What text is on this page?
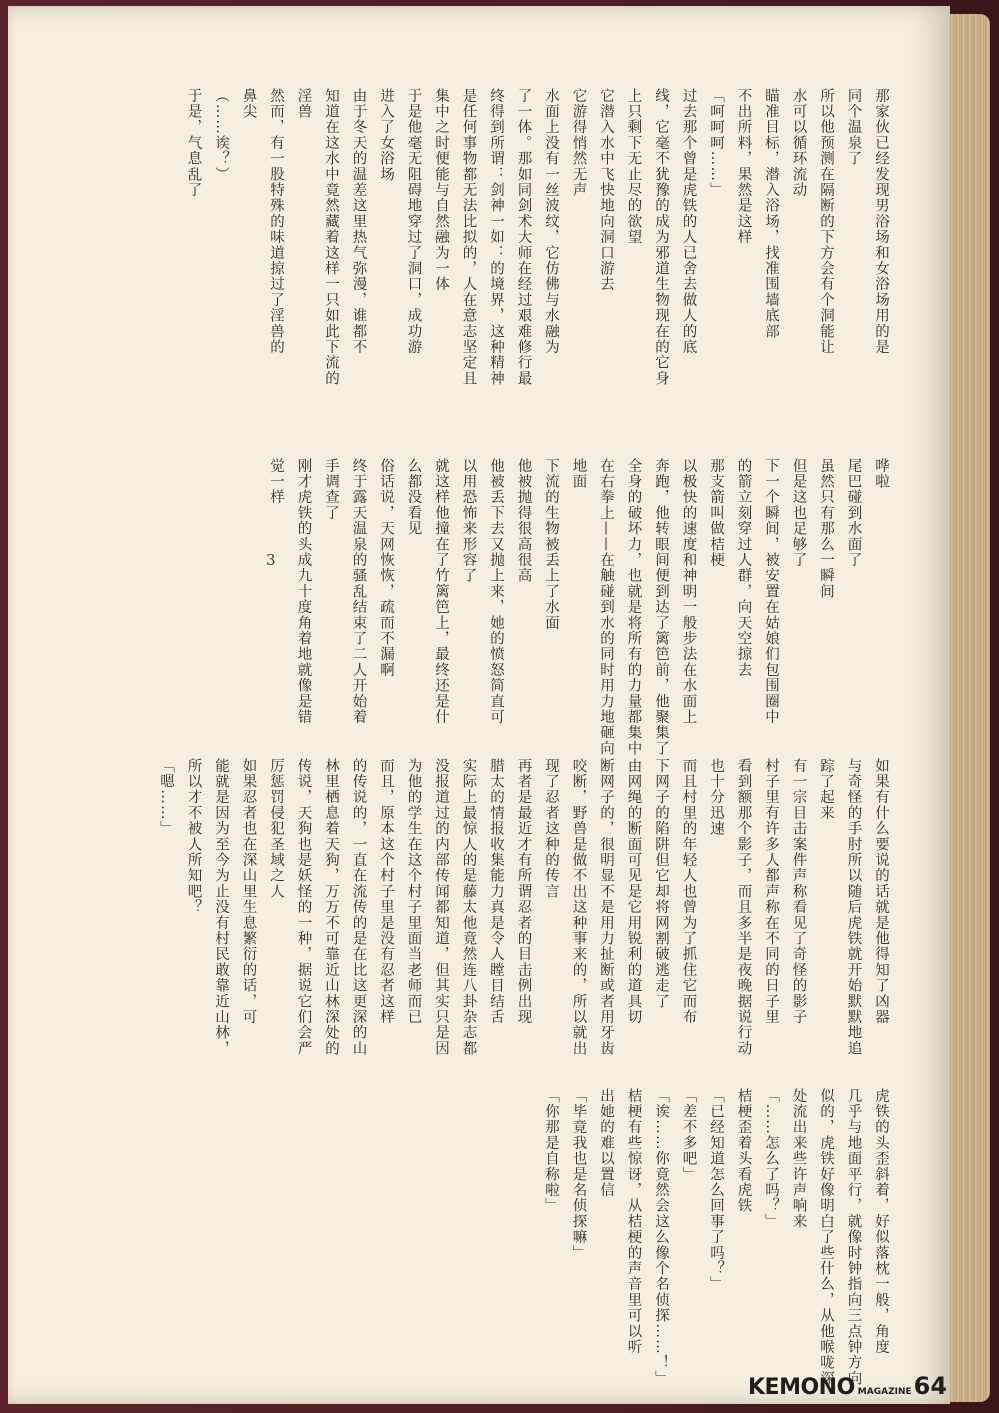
那家伙已经发现男浴场和女浴场用的是
同个温泉了
所以他预测在隔断的下方会有个洞能让
水可以循环流动
瞄准目标，潜入浴场，找准围墙底部
不出所料，果然是这样
「呵呵呵……」
过去那个曾是虎铁的人已舍去做人的底
线，它毫不犹豫的成为邪道生物现在的它身
上只剩下无止尽的欲望
它潜入水中飞快地向洞口游去
它游得悄然无声
水面上没有一丝波纹，它仿佛与水融为
了一体。那如同剑术大师在经过艰难修行最
终得到所谓：剑神一如：的境界，这种精神
是任何事物都无法比拟的，人在意志坚定且
集中之时便能与自然融为一体
于是他毫无阻碍地穿过了洞口，成功游
进入了女浴场
由于冬天的温差这里热气弥漫，谁都不
知道在这水中竟然藏着这样一只如此下流的
淫兽
然而，有一股特殊的味道掠过了淫兽的
鼻尖
（……诶？）
于是，气息乱了
哗啦
尾巴碰到水面了
虽然只有那么一瞬间
但是这也足够了
下一个瞬间，被安置在姑娘们包围圈中
的箭立刻穿过人群，向天空掠去
那支箭叫做桔梗
以极快的速度和神明一般步法在水面上
奔跑，他转眼间便到达了篱笆前，他聚集了
全身的破坏力，也就是将所有的力量都集中
在右拳上——在触碰到水的同时用力地砸向
地面
下流的生物被丢上了水面
他被抛得很高很高
他被丢下去又抛上来，她的愤怒简直可
以用恐怖来形容了
就这样他撞在了竹篱笆上，最终还是什
么都没看见
俗话说，天网恢恢，疏而不漏啊
终于露天温泉的骚乱结束了二人开始着
手调查了
刚才虎铁的头成九十度角着地就像是错
觉一样
如果有什么要说的话就是他得知了凶器
与奇怪的手肘所以随后虎铁就开始默默地追
踪了起来
有一宗目击案件声称看见了奇怪的影子
村子里有许多人都声称在不同的日子里
看到额那个影子，而且多半是夜晚据说行动
也十分迅速
而且村里的年轻人也曾为了抓住它而布
下网子的陷阱但它却将网割破逃走了
由网绳的断面可见是它用锐利的道具切
断网子的，很明显不是用力扯断或者用牙齿
咬断，野兽是做不出这种事来的，所以就出
现了忍者这种的传言
再者是最近才有所谓忍者的目击例出现
腊太的情报收集能力真是令人瞠目结舌
实际上最惊人的是藤太他竟然连八卦杂志都
没报道过的内部传闻都知道，但其实只是因
为他的学生在这个村子里面当老师而已
而且，原本这个村子里是没有忍者这样
的传说的，一直在流传的是在比这更深的山
林里栖息着天狗，万万不可靠近山林深处的
传说，天狗也是妖怪的一种，据说它们会严
厉惩罚侵犯圣域之人
如果忍者也在深山里生息繁衍的话，可
能就是因为至今为止没有村民敢靠近山林，
所以才不被人所知吧？
「嗯……」
虎铁的头歪斜着，好似落枕一般，角度
几乎与地面平行，就像时钟指向三点钟方向
似的，虎铁好像明白了些什么，从他喉咙深
处流出来些许声响来
「……怎么了吗？」
桔梗歪着头看虎铁
「已经知道怎么回事了吗？」
「差不多吧」
「诶……你竟然会这么像个名侦探……！」
桔梗有些惊讶，从桔梗的声音里可以听
出她的难以置信
「毕竟我也是名侦探嘛」
「你那是自称啦」
3
KEMONO MAGAZINE 64
